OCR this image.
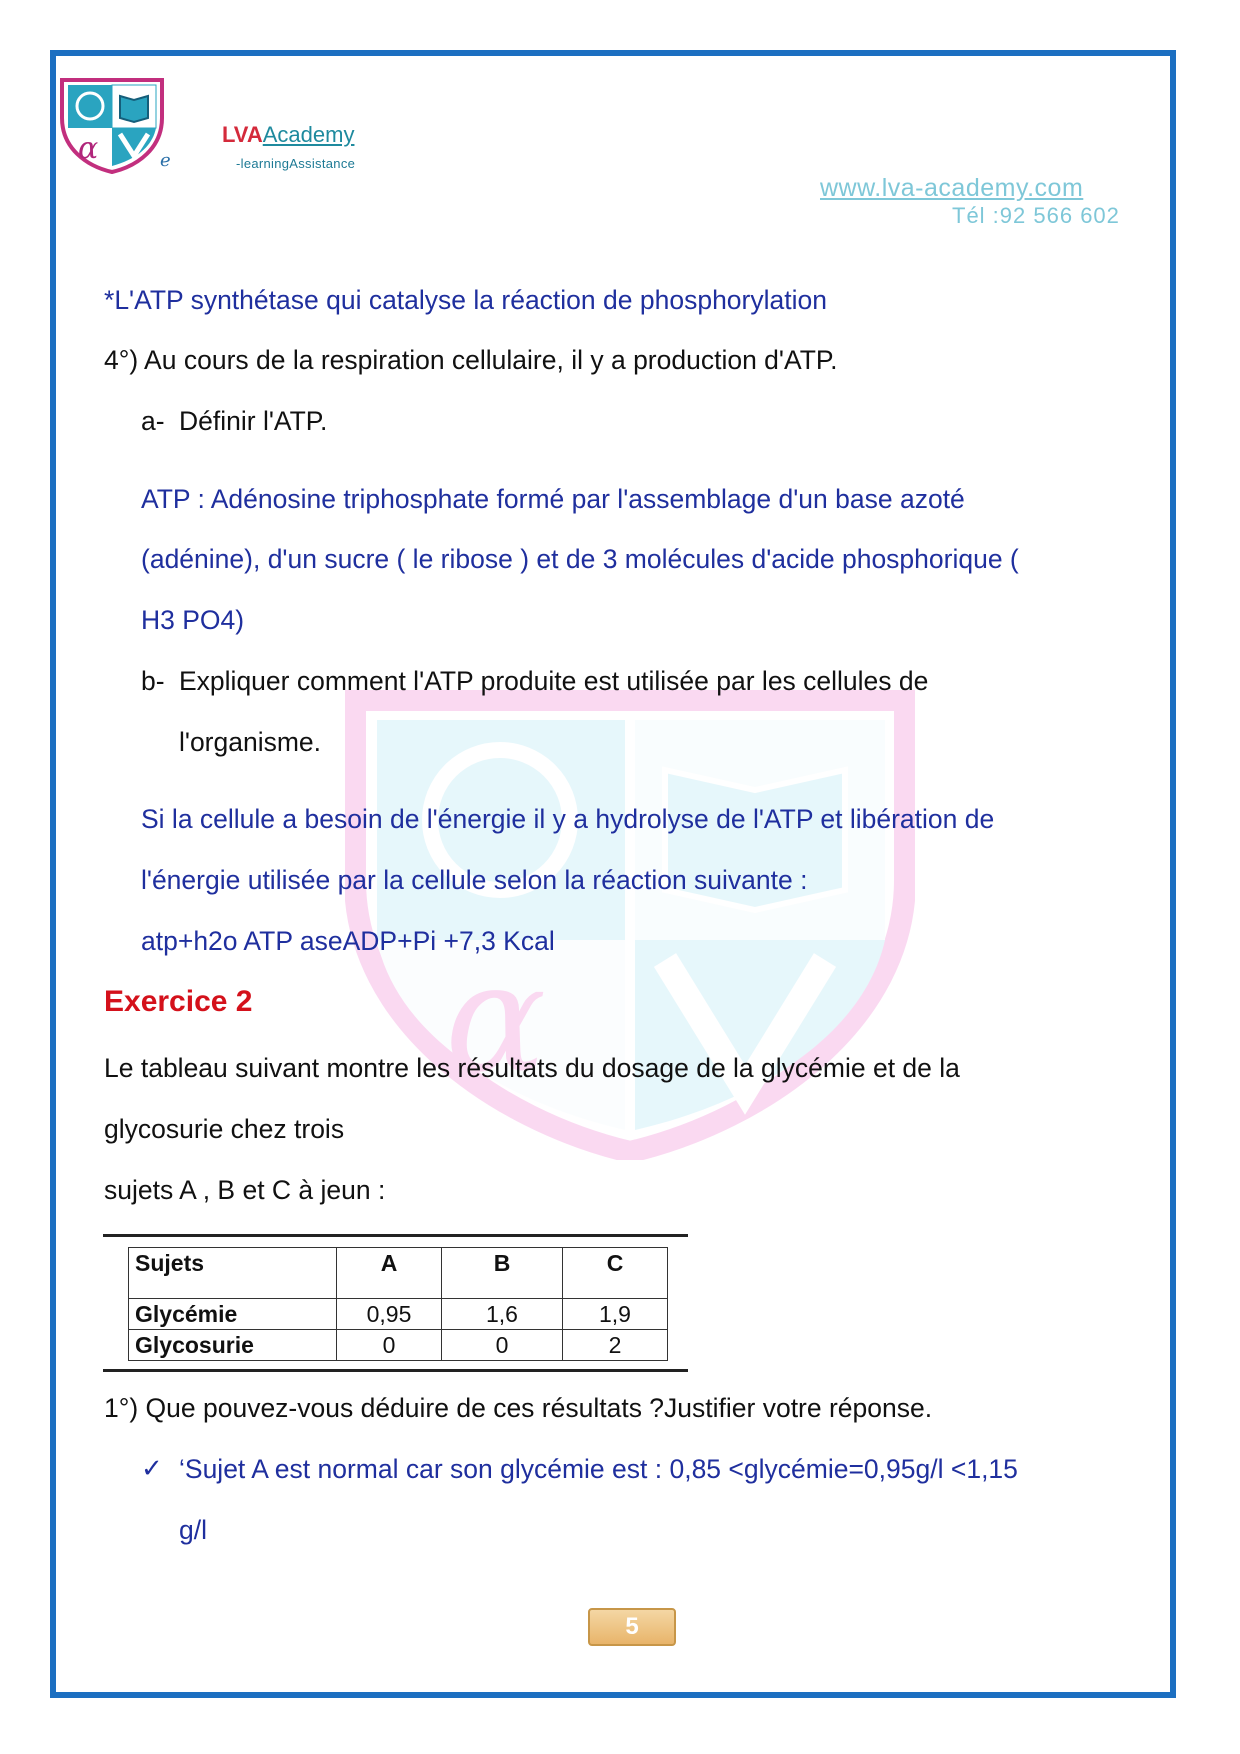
α	e
LVAAcademy
-learningAssistance
www.lva-academy.com
Tél :92 566 602
α
*L'ATP synthétase qui catalyse la réaction de phosphorylation
4°) Au cours de la respiration cellulaire, il y a production d'ATP.
a- Définir l'ATP.
ATP : Adénosine triphosphate formé par l'assemblage d'un base azoté
(adénine), d'un sucre ( le ribose ) et de 3 molécules d'acide phosphorique (
H3 PO4)
b- Expliquer comment l'ATP produite est utilisée par les cellules de
l'organisme.
Si la cellule a besoin de l'énergie il y a hydrolyse de l'ATP et libération de
l'énergie utilisée par la cellule selon la réaction suivante :
atp+h2o ATP aseADP+Pi +7,3 Kcal
Exercice 2
Le tableau suivant montre les résultats du dosage de la glycémie et de la
glycosurie chez trois
sujets A , B et C à jeun :
Sujets	A	B	C
Glycémie	0,95	1,6	1,9
Glycosurie	0	0	2
1°) Que pouvez-vous déduire de ces résultats ?Justifier votre réponse.
✓ ‘Sujet A est normal car son glycémie est : 0,85 <glycémie=0,95g/l <1,15
g/l
5
